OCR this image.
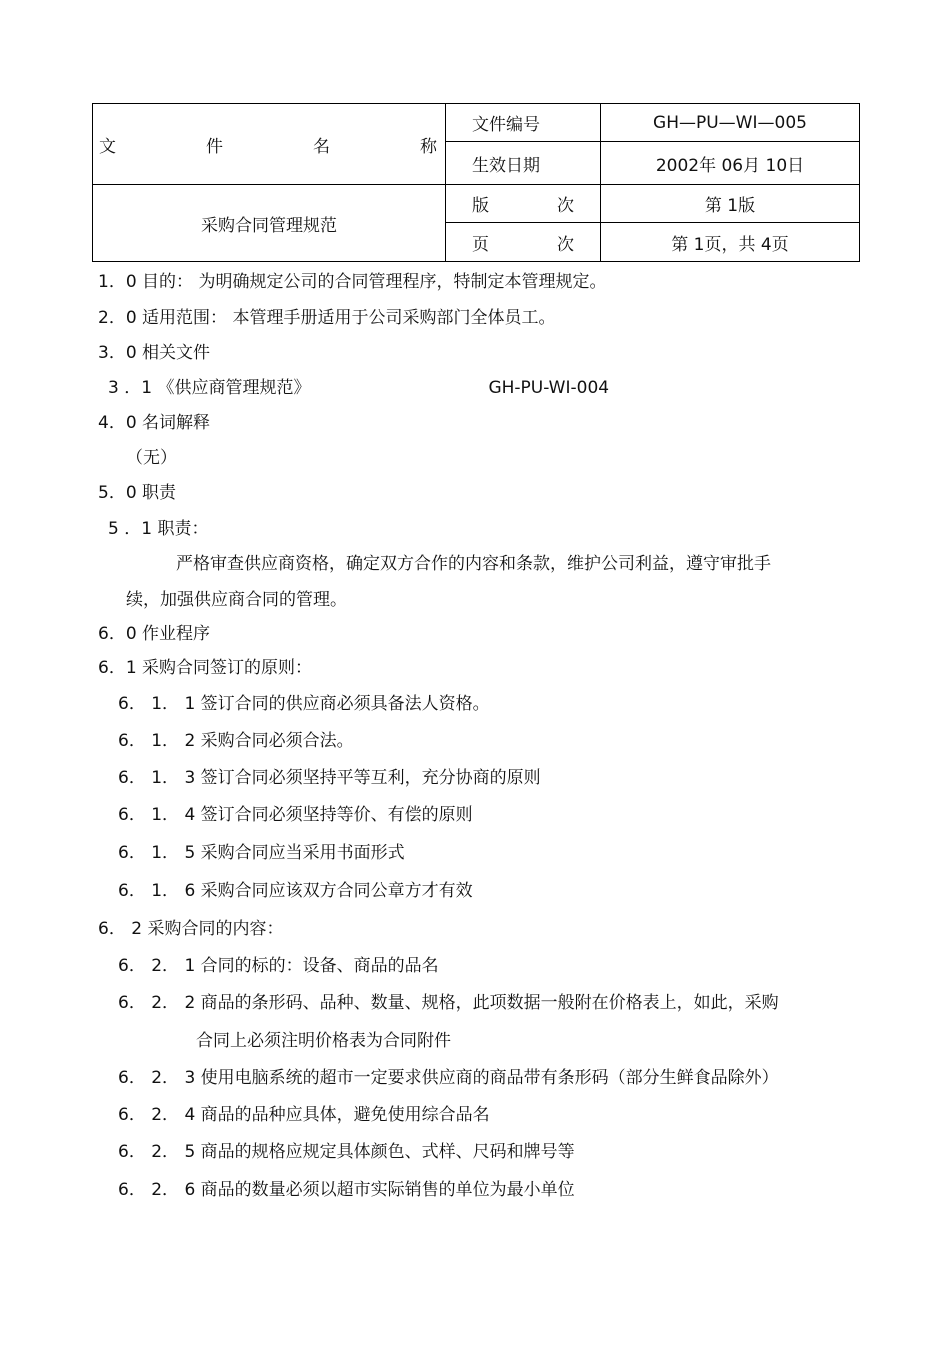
文 件 名 称	文件编号	GH—PU—WI—005
	生效日期	2002年 06月 10日
采购合同管理规范	版 次	第 1版

	页 次	第 1页，共 4页
1．0 目的： 为明确规定公司的合同管理程序，特制定本管理规定。
2．0 适用范围： 本管理手册适用于公司采购部门全体员工。
3．0 相关文件
3 ．1 《供应商管理规范》	GH-PU-WI-004
4．0 名词解释
（无）
5．0 职责
5 ．1 职责：
严格审查供应商资格，确定双方合作的内容和条款，维护公司利益，遵守审批手
续，加强供应商合同的管理。
6．0 作业程序
6．1 采购合同签订的原则：
6． 1． 1 签订合同的供应商必须具备法人资格。
6． 1． 2 采购合同必须合法。
6． 1． 3 签订合同必须坚持平等互利，充分协商的原则
6． 1． 4 签订合同必须坚持等价、有偿的原则
6． 1． 5 采购合同应当采用书面形式
6． 1． 6 采购合同应该双方合同公章方才有效
6． 2 采购合同的内容：
6． 2． 1 合同的标的：设备、商品的品名
6． 2． 2 商品的条形码、品种、数量、规格，此项数据一般附在价格表上，如此，采购
合同上必须注明价格表为合同附件
6． 2． 3 使用电脑系统的超市一定要求供应商的商品带有条形码（部分生鲜食品除外）
6． 2． 4 商品的品种应具体，避免使用综合品名
6． 2． 5 商品的规格应规定具体颜色、式样、尺码和牌号等
6． 2． 6 商品的数量必须以超市实际销售的单位为最小单位
